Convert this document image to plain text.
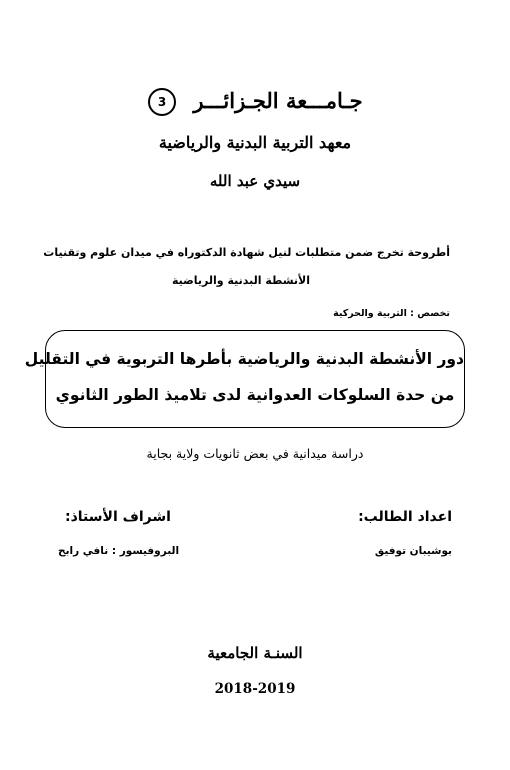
جـامـــعة الجـزائـــر
3
معهد التربية البدنية والرياضية
سيدي عبد الله
أطروحة تخرج ضمن متطلبات لنيل شهادة الدكتوراه في ميدان علوم وتقنيات
الأنشطة البدنية والرياضية
تخصص : التربية والحركية
دور الأنشطة البدنية والرياضية بأطرها التربوية في التقليل
من حدة السلوكات العدوانية لدى تلاميذ الطور الثانوي
دراسة ميدانية في بعض ثانويات ولاية بجاية
اعداد الطالب:
اشراف الأستاذ:
بوشيبان توفيق
البروفيسور : نافي رابح
السنـة الجامعية
2018-2019
